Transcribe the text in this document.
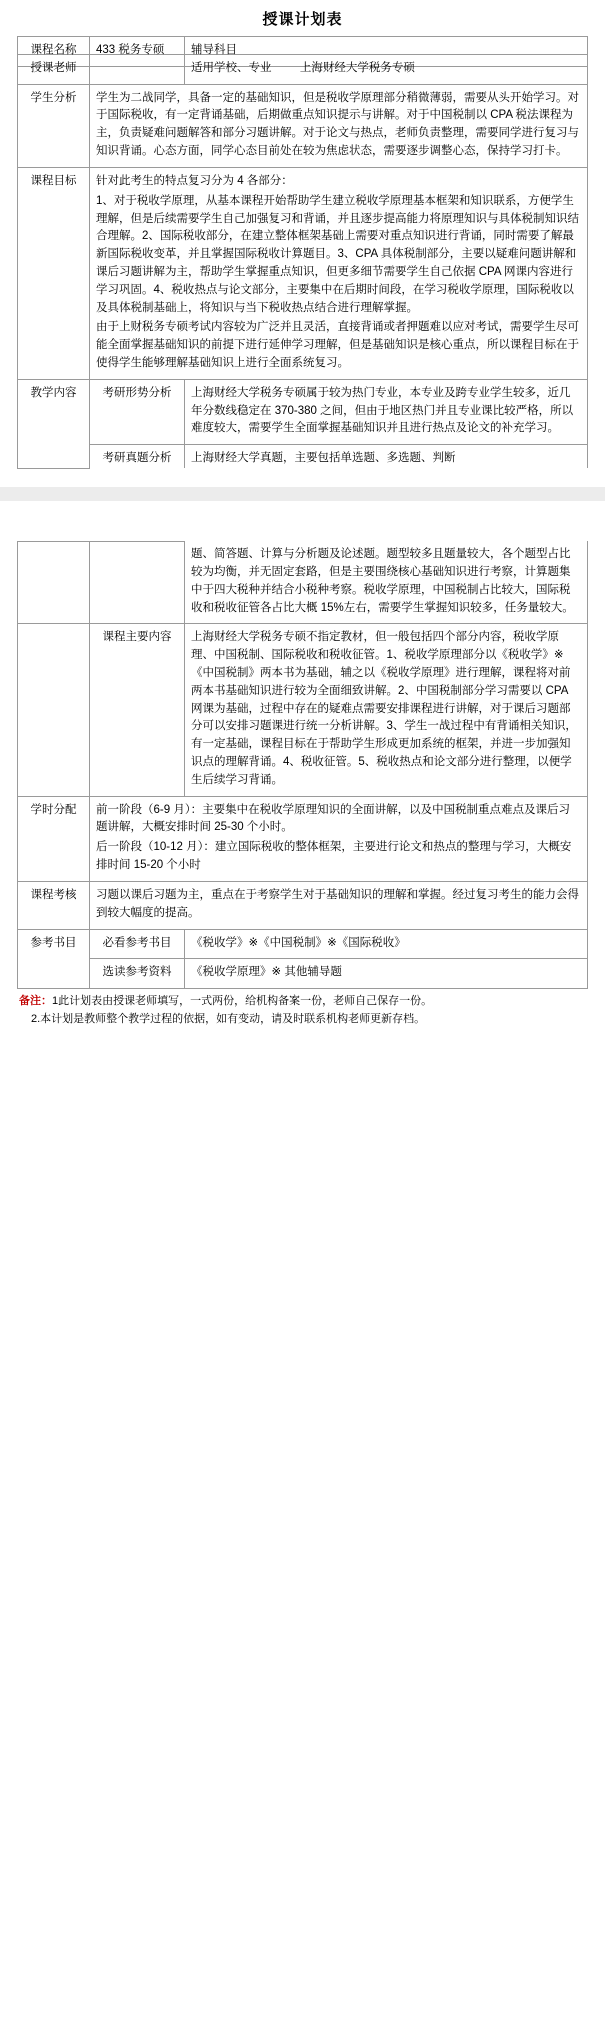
授课计划表
课程名称	433 税务专硕	辅导科目

授课老师		适用学校、专业 上海财经大学税务专硕
学生分析	学生为二战同学，具备一定的基础知识，但是税收学原理部分稍微薄弱，需要从头开始学习。对于国际税收，有一定背诵基础，后期做重点知识提示与讲解。对于中国税制以 CPA 税法课程为主，负责疑难问题解答和部分习题讲解。对于论文与热点，老师负责整理，需要同学进行复习与知识背诵。心态方面，同学心态目前处在较为焦虑状态，需要逐步调整心态，保持学习打卡。	
课程目标	针对此考生的特点复习分为 4 各部分：

1、对于税收学原理，从基本课程开始帮助学生建立税收学原理基本框架和知识联系，方便学生理解，但是后续需要学生自己加强复习和背诵，并且逐步提高能力将原理知识与具体税制知识结合理解。2、国际税收部分，在建立整体框架基础上需要对重点知识进行背诵，同时需要了解最新国际税收变革，并且掌握国际税收计算题目。3、CPA 具体税制部分，主要以疑难问题讲解和课后习题讲解为主，帮助学生掌握重点知识，但更多细节需要学生自己依据 CPA 网课内容进行学习巩固。4、税收热点与论文部分，主要集中在后期时间段，在学习税收学原理，国际税收以及具体税制基础上，将知识与当下税收热点结合进行理解掌握。

由于上财税务专硕考试内容较为广泛并且灵活，直接背诵或者押题难以应对考试，需要学生尽可能全面掌握基础知识的前提下进行延伸学习理解，但是基础知识是核心重点，所以课程目标在于使得学生能够理解基础知识上进行全面系统复习。	

教学内容	考研形势分析	上海财经大学税务专硕属于较为热门专业，本专业及跨专业学生较多，近几年分数线稳定在 370-380 之间，但由于地区热门并且专业课比较严格，所以难度较大，需要学生全面掌握基础知识并且进行热点及论文的补充学习。
	考研真题分析	上海财经大学真题，主要包括单选题、多选题、判断
		题、简答题、计算与分析题及论述题。题型较多且题量较大，各个题型占比较为均衡，并无固定套路，但是主要围绕核心基础知识进行考察，计算题集中于四大税种并结合小税种考察。税收学原理，中国税制占比较大，国际税收和税收征管各占比大概 15%左右，需要学生掌握知识较多，任务量较大。
	课程主要内容	上海财经大学税务专硕不指定教材，但一般包括四个部分内容，税收学原理、中国税制、国际税收和税收征管。1、税收学原理部分以《税收学》※《中国税制》两本书为基础，辅之以《税收学原理》进行理解，课程将对前两本书基础知识进行较为全面细致讲解。2、中国税制部分学习需要以 CPA 网课为基础，过程中存在的疑难点需要安排课程进行讲解，对于课后习题部分可以安排习题课进行统一分析讲解。3、学生一战过程中有背诵相关知识，有一定基础，课程目标在于帮助学生形成更加系统的框架，并进一步加强知识点的理解背诵。4、税收征管。5、税收热点和论文部分进行整理，以便学生后续学习背诵。
学时分配	前一阶段（6-9 月）：主要集中在税收学原理知识的全面讲解，以及中国税制重点难点及课后习题讲解，大概安排时间 25-30 个小时。

后一阶段（10-12 月）：建立国际税收的整体框架，主要进行论文和热点的整理与学习，大概安排时间 15-20 个小时	

课程考核	习题以课后习题为主，重点在于考察学生对于基础知识的理解和掌握。经过复习考生的能力会得到较大幅度的提高。	
参考书目	必看参考书目	《税收学》※《中国税制》※《国际税收》
	选读参考资料	《税收学原理》※ 其他辅导题
备注：1此计划表由授课老师填写，一式两份，给机构备案一份，老师自己保存一份。
2.本计划是教师整个教学过程的依据，如有变动，请及时联系机构老师更新存档。
